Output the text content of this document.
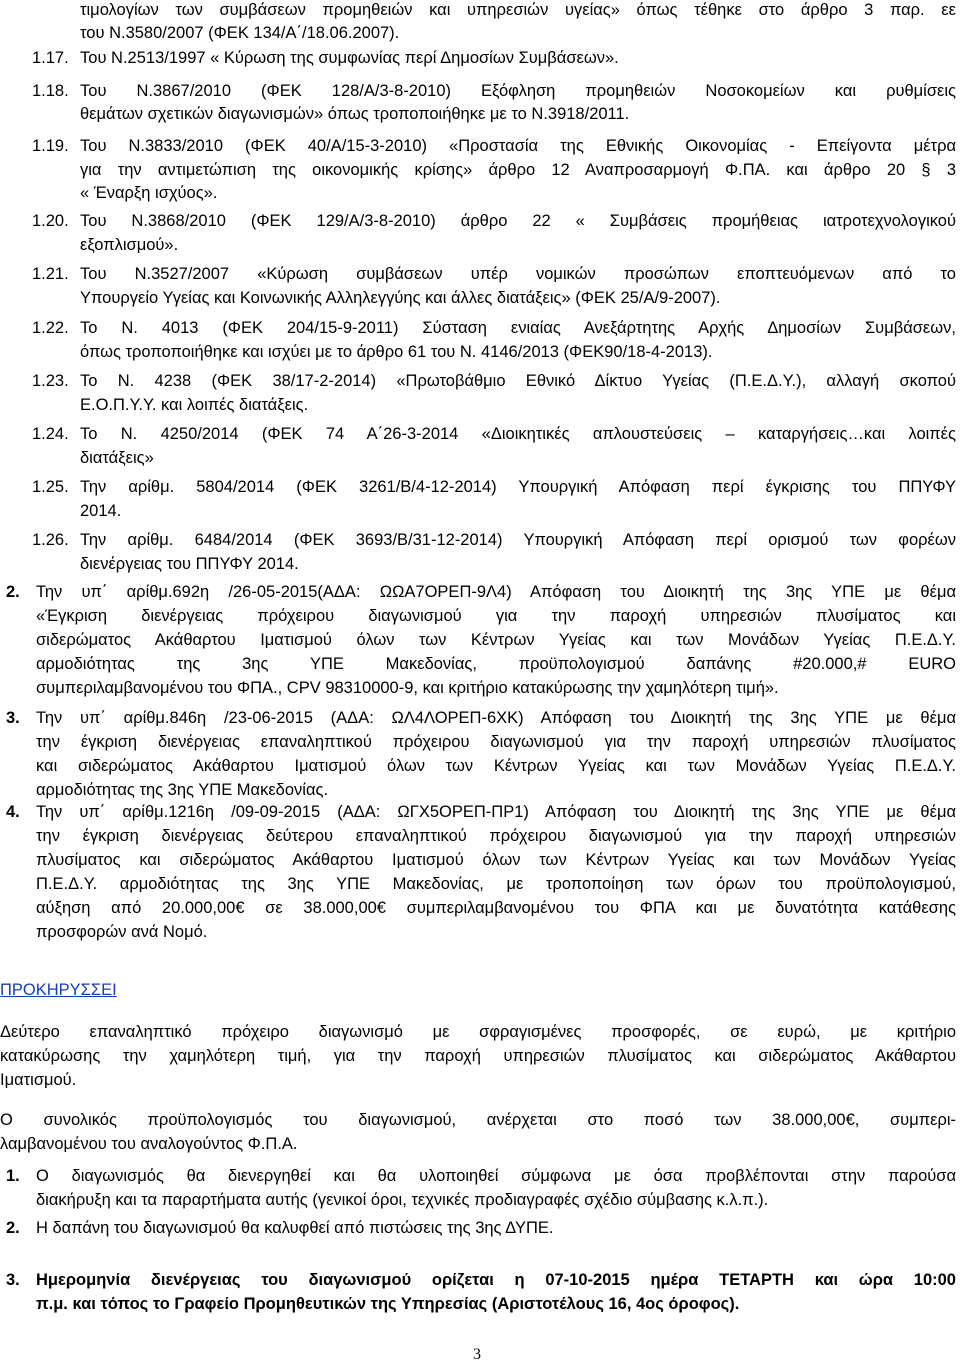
τιμολογίων των συμβάσεων προμηθειών και υπηρεσιών υγείας» όπως τέθηκε στο άρθρο 3 παρ. εε
του Ν.3580/2007 (ΦΕΚ 134/Α΄/18.06.2007).
1.17. Του Ν.2513/1997 « Κύρωση της συμφωνίας περί Δημοσίων Συμβάσεων».
1.18. Του Ν.3867/2010 (ΦΕΚ 128/Α/3-8-2010) Εξόφληση προμηθειών Νοσοκομείων και ρυθμίσεις
θεμάτων σχετικών διαγωνισμών» όπως τροποποιήθηκε με το Ν.3918/2011.
1.19. Του Ν.3833/2010 (ΦΕΚ 40/Α/15-3-2010) «Προστασία της Εθνικής Οικονομίας - Επείγοντα μέτρα
για την αντιμετώπιση της οικονομικής κρίσης» άρθρο 12 Αναπροσαρμογή Φ.ΠΑ. και άρθρο 20 § 3
« Έναρξη ισχύος».
1.20. Του Ν.3868/2010 (ΦΕΚ 129/Α/3-8-2010) άρθρο 22 « Συμβάσεις προμήθειας ιατροτεχνολογικού
εξοπλισμού».
1.21. Του Ν.3527/2007 «Κύρωση συμβάσεων υπέρ νομικών προσώπων εποπτευόμενων από το
Υπουργείο Υγείας και Κοινωνικής Αλληλεγγύης και άλλες διατάξεις» (ΦΕΚ 25/Α/9-2007).
1.22. Το Ν. 4013 (ΦΕΚ 204/15-9-2011) Σύσταση ενιαίας Ανεξάρτητης Αρχής Δημοσίων Συμβάσεων,
όπως τροποποιήθηκε και ισχύει με το άρθρο 61 του Ν. 4146/2013 (ΦΕΚ90/18-4-2013).
1.23. Το Ν. 4238 (ΦΕΚ 38/17-2-2014) «Πρωτοβάθμιο Εθνικό Δίκτυο Υγείας (Π.Ε.Δ.Υ.), αλλαγή σκοπού
Ε.Ο.Π.Υ.Υ. και λοιπές διατάξεις.
1.24. Το Ν. 4250/2014 (ΦΕΚ 74 Α΄26-3-2014 «Διοικητικές απλουστεύσεις – καταργήσεις…και λοιπές
διατάξεις»
1.25. Την αρίθμ. 5804/2014 (ΦΕΚ 3261/Β/4-12-2014) Υπουργική Απόφαση περί έγκρισης του ΠΠΥΦΥ
2014.
1.26. Την αρίθμ. 6484/2014 (ΦΕΚ 3693/Β/31-12-2014) Υπουργική Απόφαση περί ορισμού των φορέων
διενέργειας του ΠΠΥΦΥ 2014.
2. Την υπ΄ αρίθμ.692η /26-05-2015(ΑΔΑ: ΩΩΑ7ΟΡΕΠ-9Λ4) Απόφαση του Διοικητή της 3ης ΥΠΕ με θέμα
«Έγκριση διενέργειας πρόχειρου διαγωνισμού για την παροχή υπηρεσιών πλυσίματος και
σιδερώματος Ακάθαρτου Ιματισμού όλων των Κέντρων Υγείας και των Μονάδων Υγείας Π.Ε.Δ.Υ.
αρμοδιότητας της 3ης ΥΠΕ Μακεδονίας, προϋπολογισμού δαπάνης #20.000,# EURO
συμπεριλαμβανομένου του ΦΠΑ., CPV 98310000-9, και κριτήριο κατακύρωσης την χαμηλότερη τιμή».
3. Την υπ΄ αρίθμ.846η /23-06-2015 (ΑΔΑ: ΩΛ4ΛΟΡΕΠ-6ΧΚ) Απόφαση του Διοικητή της 3ης ΥΠΕ με θέμα
την έγκριση διενέργειας επαναληπτικού πρόχειρου διαγωνισμού για την παροχή υπηρεσιών πλυσίματος
και σιδερώματος Ακάθαρτου Ιματισμού όλων των Κέντρων Υγείας και των Μονάδων Υγείας Π.Ε.Δ.Υ.
αρμοδιότητας της 3ης ΥΠΕ Μακεδονίας.
4. Την υπ΄ αρίθμ.1216η /09-09-2015 (ΑΔΑ: ΩΓΧ5ΟΡΕΠ-ΠΡ1) Απόφαση του Διοικητή της 3ης ΥΠΕ με θέμα
την έγκριση διενέργειας δεύτερου επαναληπτικού πρόχειρου διαγωνισμού για την παροχή υπηρεσιών
πλυσίματος και σιδερώματος Ακάθαρτου Ιματισμού όλων των Κέντρων Υγείας και των Μονάδων Υγείας
Π.Ε.Δ.Υ. αρμοδιότητας της 3ης ΥΠΕ Μακεδονίας, με τροποποίηση των όρων του προϋπολογισμού,
αύξηση από 20.000,00€ σε 38.000,00€ συμπεριλαμβανομένου του ΦΠΑ και με δυνατότητα κατάθεσης
προσφορών ανά Νομό.
ΠΡΟΚΗΡΥΣΣΕΙ
Δεύτερο επαναληπτικό πρόχειρο διαγωνισμό με σφραγισμένες προσφορές, σε ευρώ, με κριτήριο
κατακύρωσης την χαμηλότερη τιμή, για την παροχή υπηρεσιών πλυσίματος και σιδερώματος Ακάθαρτου
Ιματισμού.
Ο συνολικός προϋπολογισμός του διαγωνισμού, ανέρχεται στο ποσό των 38.000,00€, συμπερι-
λαμβανομένου του αναλογούντος Φ.Π.Α.
1. Ο διαγωνισμός θα διενεργηθεί και θα υλοποιηθεί σύμφωνα με όσα προβλέπονται στην παρούσα
διακήρυξη και τα παραρτήματα αυτής (γενικοί όροι, τεχνικές προδιαγραφές σχέδιο σύμβασης κ.λ.π.).
2. Η δαπάνη του διαγωνισμού θα καλυφθεί από πιστώσεις της 3ης ΔΥΠΕ.
3. Ημερομηνία διενέργειας του διαγωνισμού ορίζεται η 07-10-2015 ημέρα ΤΕΤΑΡΤΗ και ώρα 10:00
π.μ. και τόπος το Γραφείο Προμηθευτικών της Υπηρεσίας (Αριστοτέλους 16, 4ος όροφος).
3
